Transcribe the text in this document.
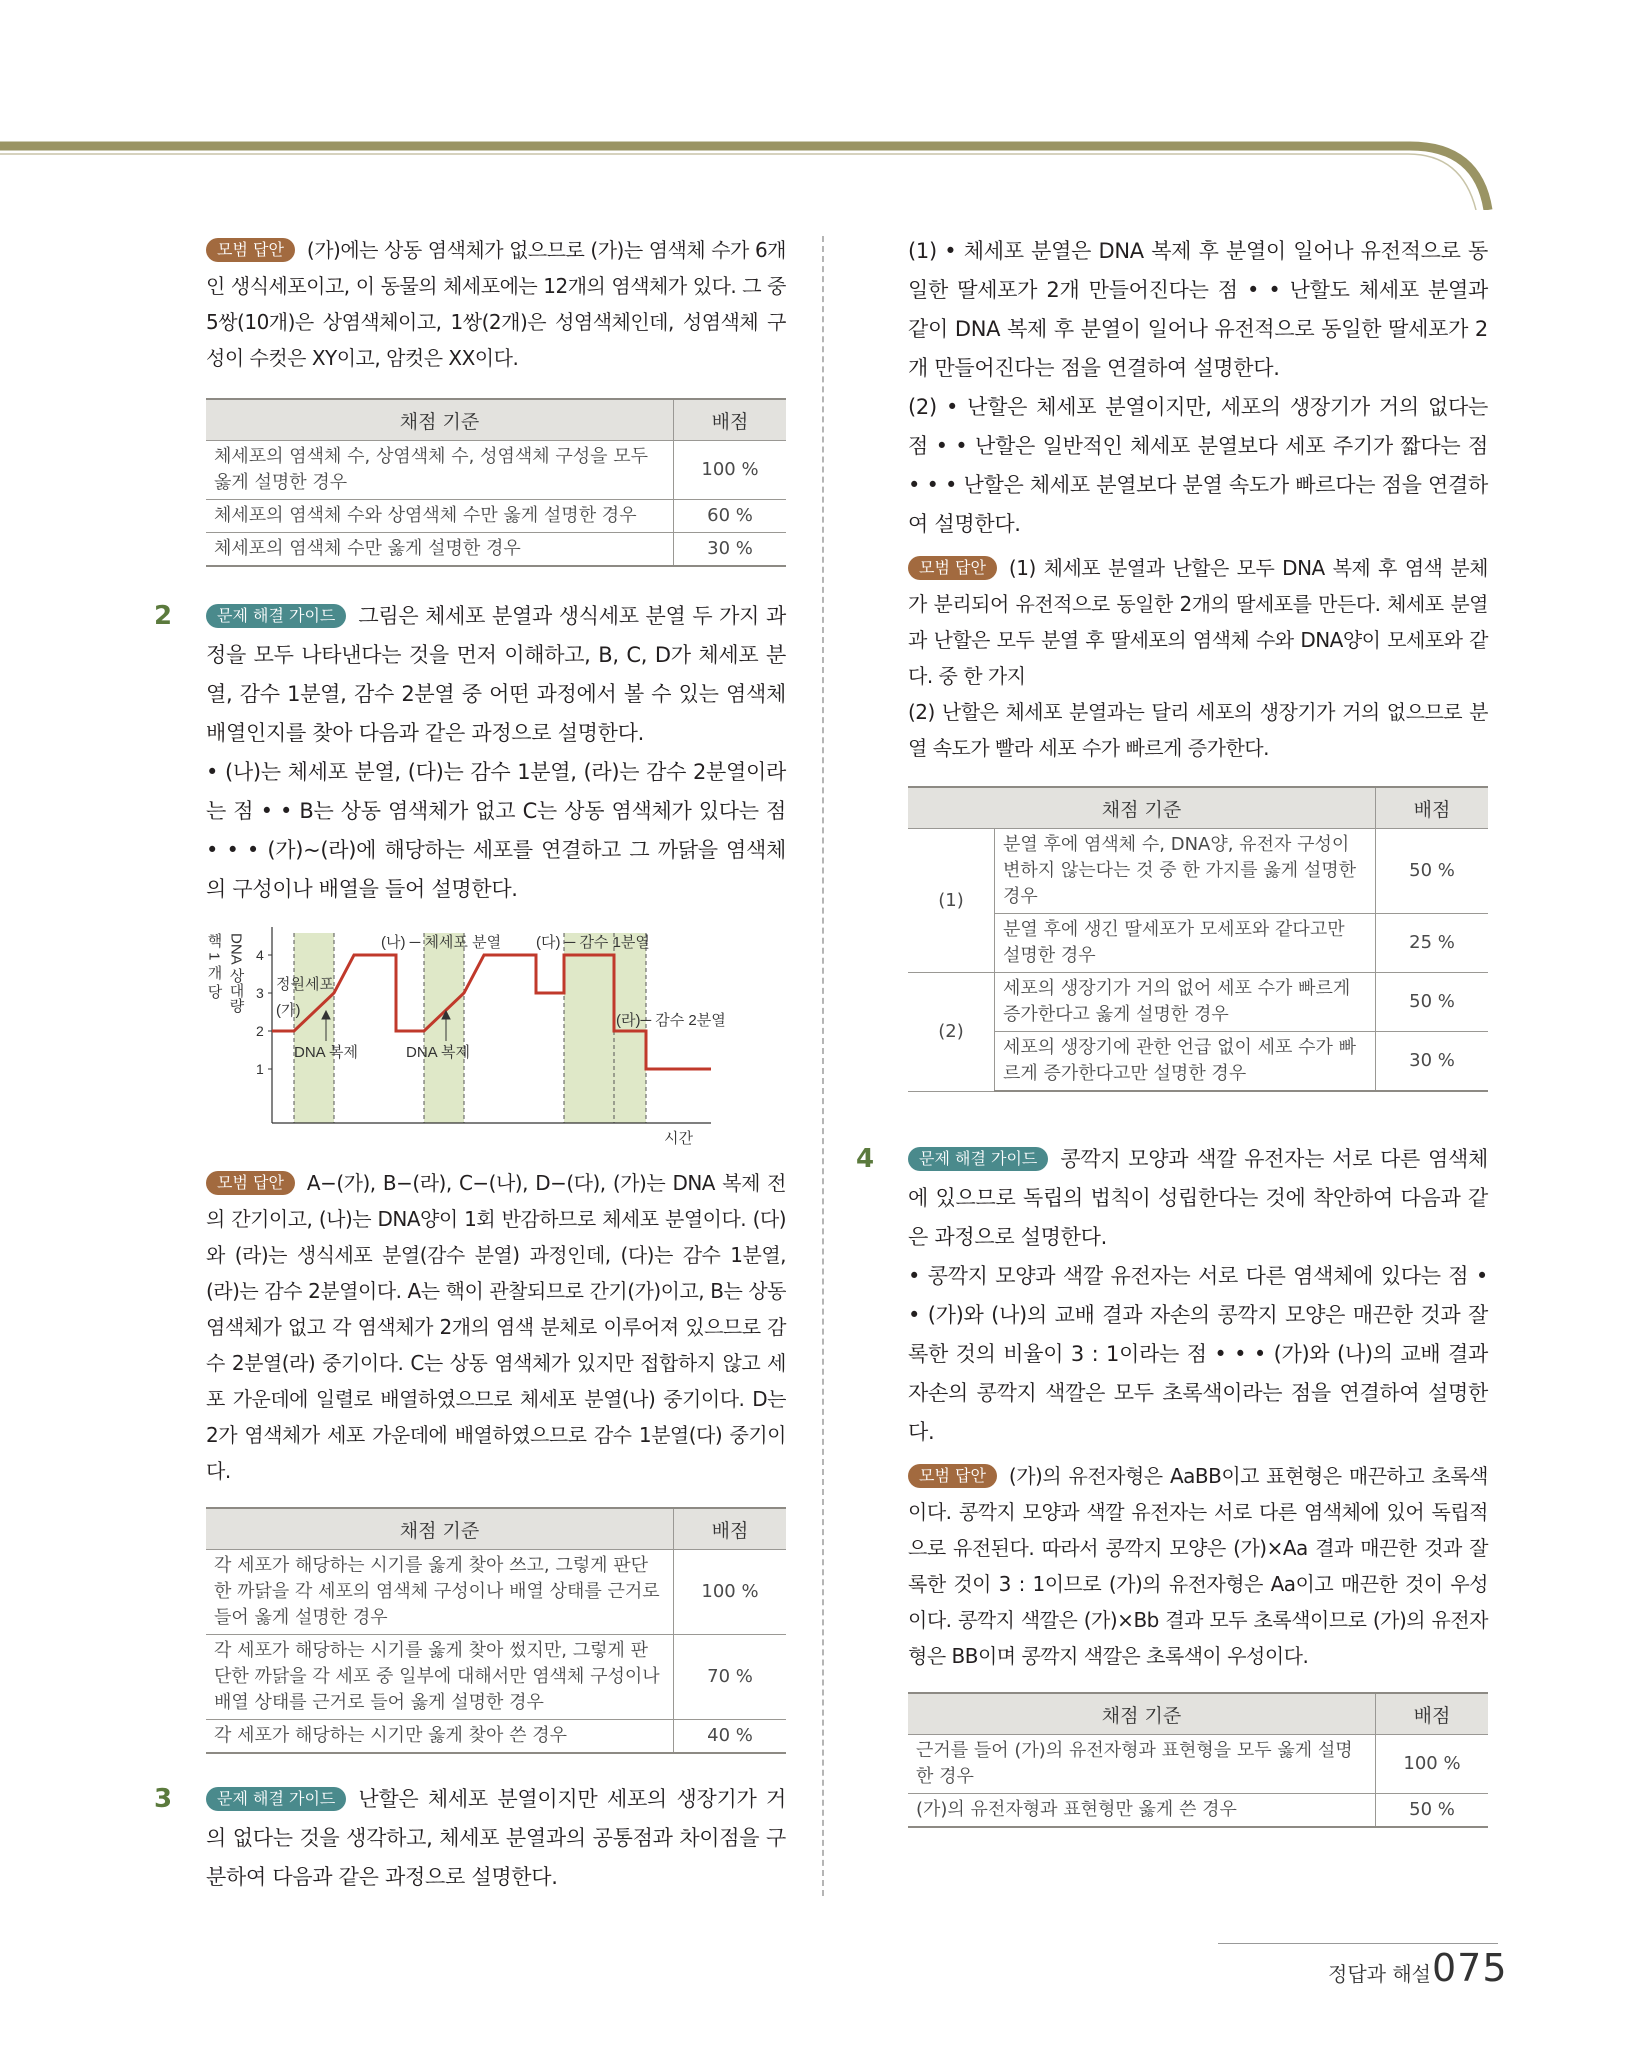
모범 답안 (가)에는 상동 염색체가 없으므로 (가)는 염색체 수가 6개인 생식세포이고, 이 동물의 체세포에는 12개의 염색체가 있다. 그 중 5쌍(10개)은 상염색체이고, 1쌍(2개)은 성염색체인데, 성염색체 구성이 수컷은 XY이고, 암컷은 XX이다.

채점 기준	배점
체세포의 염색체 수, 상염색체 수, 성염색체 구성을 모두 옳게 설명한 경우	100 %
체세포의 염색체 수와 상염색체 수만 옳게 설명한 경우	60 %
체세포의 염색체 수만 옳게 설명한 경우	30 %
2	문제 해결 가이드 그림은 체세포 분열과 생식세포 분열 두 가지 과정을 모두 나타낸다는 것을 먼저 이해하고, B, C, D가 체세포 분열, 감수 1분열, 감수 2분열 중 어떤 과정에서 볼 수 있는 염색체 배열인지를 찾아 다음과 같은 과정으로 설명한다.

• (나)는 체세포 분열, (다)는 감수 1분열, (라)는 감수 2분열이라는 점 • • B는 상동 염색체가 없고 C는 상동 염색체가 있다는 점 • • • (가)~(라)에 해당하는 세포를 연결하고 그 까닭을 염색체의 구성이나 배열을 들어 설명한다.

4
3
2
1
(나) ─ 체세포 분열 (다) ─ 감수 1분열
(라)─ 감수 2분열
(가)
정원세포
DNA 복제	DNA 복제
시간
핵 1 개 당 DNA 상대량

모범 답안 A−(가), B−(라), C−(나), D−(다), (가)는 DNA 복제 전의 간기이고, (나)는 DNA양이 1회 반감하므로 체세포 분열이다. (다)와 (라)는 생식세포 분열(감수 분열) 과정인데, (다)는 감수 1분열, (라)는 감수 2분열이다. A는 핵이 관찰되므로 간기(가)이고, B는 상동 염색체가 없고 각 염색체가 2개의 염색 분체로 이루어져 있으므로 감수 2분열(라) 중기이다. C는 상동 염색체가 있지만 접합하지 않고 세포 가운데에 일렬로 배열하였으므로 체세포 분열(나) 중기이다. D는 2가 염색체가 세포 가운데에 배열하였으므로 감수 1분열(다) 중기이다.

채점 기준	배점
각 세포가 해당하는 시기를 옳게 찾아 쓰고, 그렇게 판단한 까닭을 각 세포의 염색체 구성이나 배열 상태를 근거로 들어 옳게 설명한 경우	100 %
각 세포가 해당하는 시기를 옳게 찾아 썼지만, 그렇게 판단한 까닭을 각 세포 중 일부에 대해서만 염색체 구성이나 배열 상태를 근거로 들어 옳게 설명한 경우	70 %
각 세포가 해당하는 시기만 옳게 찾아 쓴 경우	40 %
3	문제 해결 가이드 난할은 체세포 분열이지만 세포의 생장기가 거의 없다는 것을 생각하고, 체세포 분열과의 공통점과 차이점을 구분하여 다음과 같은 과정으로 설명한다.

(1) • 체세포 분열은 DNA 복제 후 분열이 일어나 유전적으로 동일한 딸세포가 2개 만들어진다는 점 • • 난할도 체세포 분열과 같이 DNA 복제 후 분열이 일어나 유전적으로 동일한 딸세포가 2개 만들어진다는 점을 연결하여 설명한다.

(2) • 난할은 체세포 분열이지만, 세포의 생장기가 거의 없다는 점 • • 난할은 일반적인 체세포 분열보다 세포 주기가 짧다는 점 • • • 난할은 체세포 분열보다 분열 속도가 빠르다는 점을 연결하여 설명한다.

모범 답안 (1) 체세포 분열과 난할은 모두 DNA 복제 후 염색 분체가 분리되어 유전적으로 동일한 2개의 딸세포를 만든다. 체세포 분열과 난할은 모두 분열 후 딸세포의 염색체 수와 DNA양이 모세포와 같다. 중 한 가지

(2) 난할은 체세포 분열과는 달리 세포의 생장기가 거의 없으므로 분열 속도가 빨라 세포 수가 빠르게 증가한다.

채점 기준		배점
(1)	분열 후에 염색체 수, DNA양, 유전자 구성이 변하지 않는다는 것 중 한 가지를 옳게 설명한 경우	50 %
	분열 후에 생긴 딸세포가 모세포와 같다고만 설명한 경우	25 %
(2)	세포의 생장기가 거의 없어 세포 수가 빠르게 증가한다고 옳게 설명한 경우	50 %
	세포의 생장기에 관한 언급 없이 세포 수가 빠르게 증가한다고만 설명한 경우	30 %
4	문제 해결 가이드 콩깍지 모양과 색깔 유전자는 서로 다른 염색체에 있으므로 독립의 법칙이 성립한다는 것에 착안하여 다음과 같은 과정으로 설명한다.

• 콩깍지 모양과 색깔 유전자는 서로 다른 염색체에 있다는 점 • • (가)와 (나)의 교배 결과 자손의 콩깍지 모양은 매끈한 것과 잘록한 것의 비율이 3 : 1이라는 점 • • • (가)와 (나)의 교배 결과 자손의 콩깍지 색깔은 모두 초록색이라는 점을 연결하여 설명한다.

모범 답안 (가)의 유전자형은 AaBB이고 표현형은 매끈하고 초록색이다. 콩깍지 모양과 색깔 유전자는 서로 다른 염색체에 있어 독립적으로 유전된다. 따라서 콩깍지 모양은 (가)×Aa 결과 매끈한 것과 잘록한 것이 3 : 1이므로 (가)의 유전자형은 Aa이고 매끈한 것이 우성이다. 콩깍지 색깔은 (가)×Bb 결과 모두 초록색이므로 (가)의 유전자형은 BB이며 콩깍지 색깔은 초록색이 우성이다.

채점 기준	배점
근거를 들어 (가)의 유전자형과 표현형을 모두 옳게 설명한 경우	100 %
(가)의 유전자형과 표현형만 옳게 쓴 경우	50 %
정답과 해설 075
